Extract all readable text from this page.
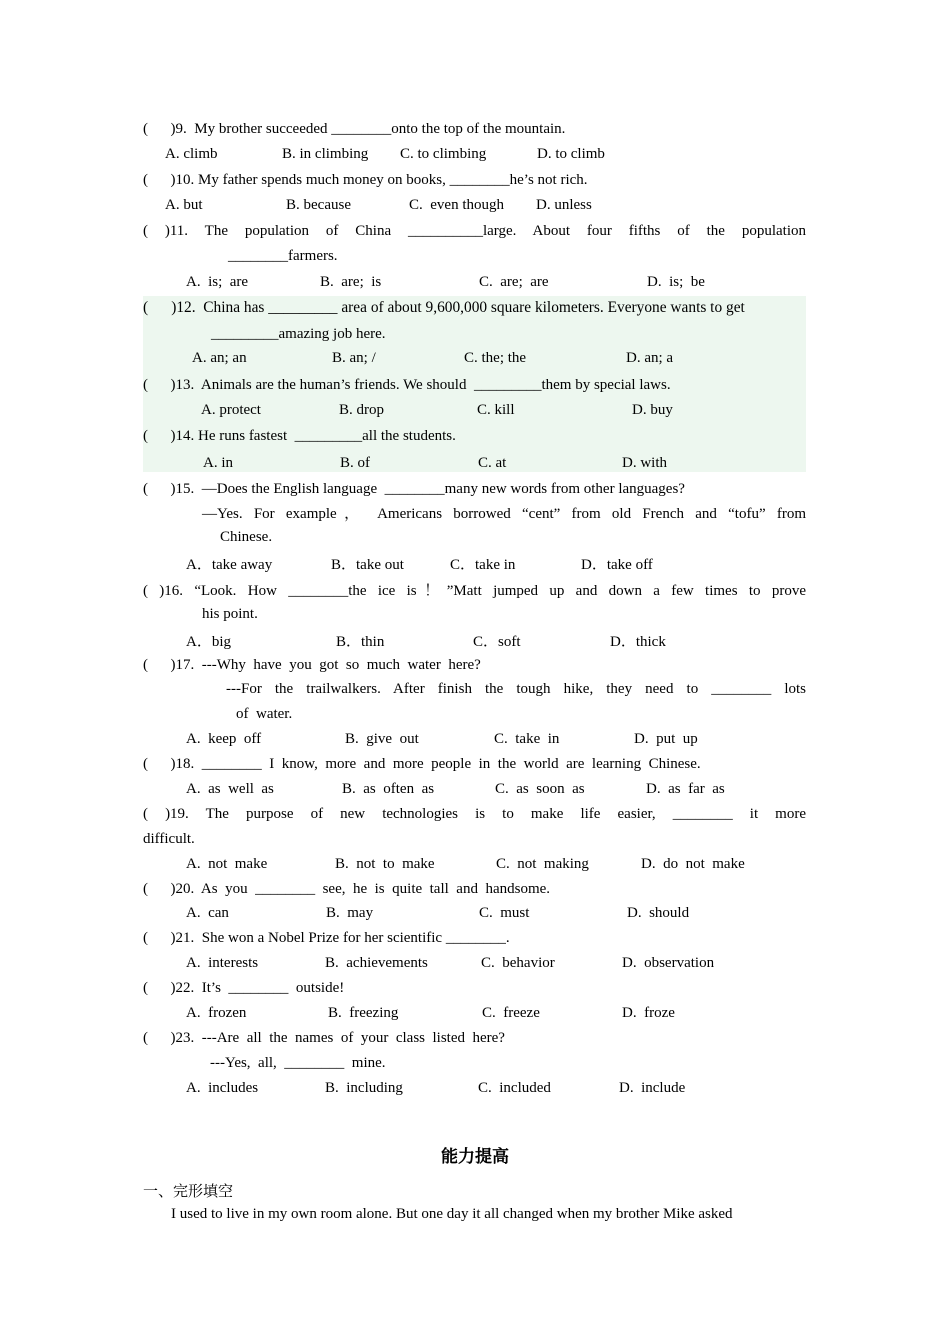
(      )9.  My brother succeeded ________onto the top of the mountain.
A. climb	B. in climbing C. to climbing	D. to climb
(      )10. My father spends much money on books, ________he’s not rich.
A. but	B. because	C.  even though D. unless
( )11. The population of China __________large. About four fifths of the population
________farmers.
A.  is;  are	B.  are;  is	C.  are;  are	D.  is;  be
(      )12.  China has _________ area of about 9,600,000 square kilometers. Everyone wants to get
_________amazing job here.
A. an; an	B. an; /	C. the; the	D. an; a
(      )13.  Animals are the human’s friends. We should  _________them by special laws.
A. protect	B. drop	C. kill	D. buy
(      )14. He runs fastest  _________all the students.
A. in	B. of	C. at	D. with
(      )15.  —Does the English language  ________many new words from other languages?
—Yes. For example， Americans borrowed “cent” from old French and “tofu” from
Chinese.
A．take away	B．take out	C．take in	D．take off
( )16. “Look. How ________the ice is！”Matt jumped up and down a few times to prove
his point.
A．big	B．thin	C．soft	D．thick
(      )17.  ---Why  have  you  got  so  much  water  here?
---For the trailwalkers. After finish the tough hike, they need to ________ lots
of  water.
A.  keep  off	B.  give  out	C.  take  in	D.  put  up
(      )18.  ________  I  know,  more  and  more  people  in  the  world  are  learning  Chinese.
A.  as  well  as	B.  as  often  as	C.  as  soon  as	D.  as  far  as
( )19. The purpose of new technologies is to make life easier, ________ it more
difficult.
A.  not  make	B.  not  to  make	C.  not  making	D.  do  not  make
(      )20.  As  you  ________  see,  he  is  quite  tall  and  handsome.
A.  can	B.  may	C.  must	D.  should
(      )21.  She won a Nobel Prize for her scientific ________.
A.  interests	B.  achievements	C.  behavior	D.  observation
(      )22.  It’s  ________  outside!
A.  frozen	B.  freezing	C.  freeze	D.  froze
(      )23.  ---Are  all  the  names  of  your  class  listed  here?
---Yes,  all,  ________  mine.
A.  includes	B.  including	C.  included	D.  include
能力提高
一、完形填空
I used to live in my own room alone. But one day it all changed when my brother Mike asked
